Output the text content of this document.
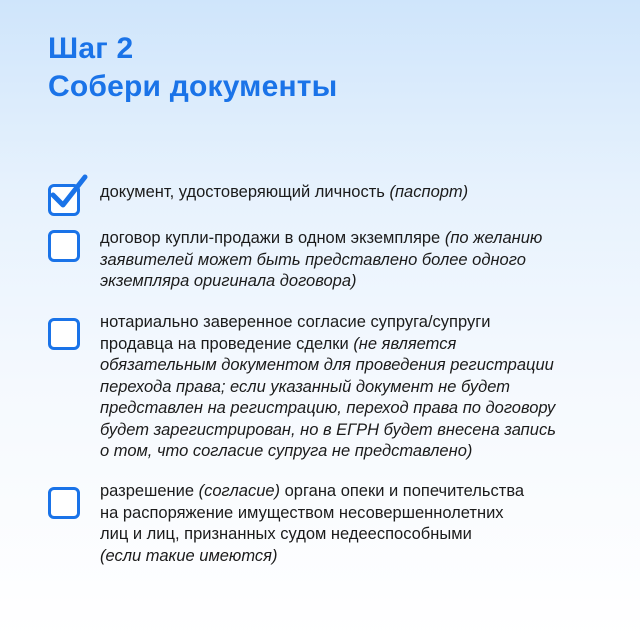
Шаг 2
Собери документы

документ, удостоверяющий личность (паспорт)

договор купли-продажи в одном экземпляре (по желанию
заявителей может быть представлено более одного
экземпляра оригинала договора)

нотариально заверенное согласие супруга/супруги
продавца на проведение сделки (не является
обязательным документом для проведения регистрации
перехода права; если указанный документ не будет
представлен на регистрацию, переход права по договору
будет зарегистрирован, но в ЕГРН будет внесена запись
о том, что согласие супруга не представлено)

разрешение (согласие) органа опеки и попечительства
на распоряжение имуществом несовершеннолетних
лиц и лиц, признанных судом недееспособными
(если такие имеются)
